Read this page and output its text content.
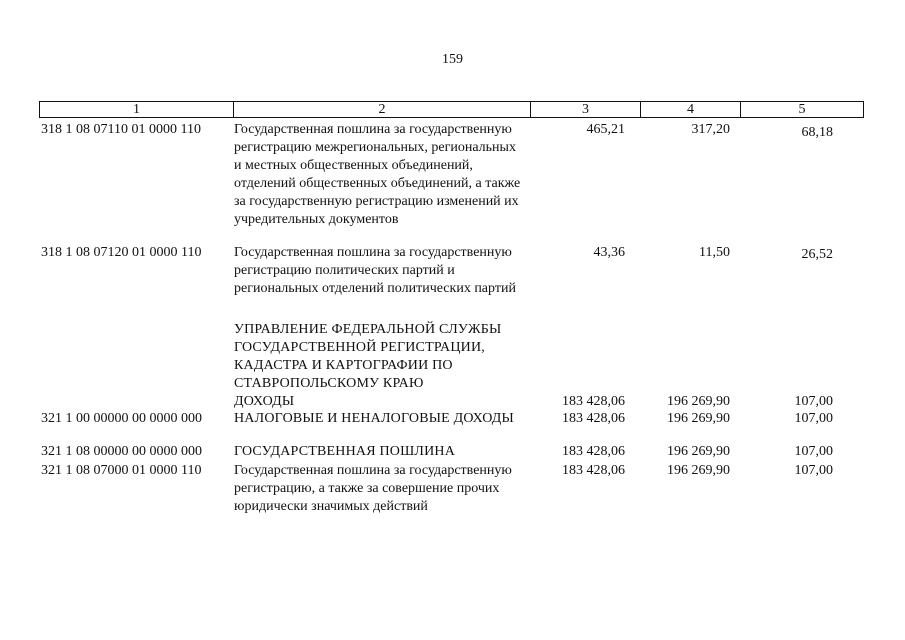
159
1	2	3	4	5
318 1 08 07110 01 0000 110	Государственная пошлина за государственную
регистрацию межрегиональных, региональных
и местных общественных объединений,
отделений общественных объединений, а также
за государственную регистрацию изменений их
учредительных документов
465,21	317,20	68,18
318 1 08 07120 01 0000 110	Государственная пошлина за государственную
регистрацию политических партий и
региональных отделений политических партий
43,36	11,50	26,52
УПРАВЛЕНИЕ ФЕДЕРАЛЬНОЙ СЛУЖБЫ
ГОСУДАРСТВЕННОЙ РЕГИСТРАЦИИ,
КАДАСТРА И КАРТОГРАФИИ ПО
СТАВРОПОЛЬСКОМУ КРАЮ
ДОХОДЫ	183 428,06	196 269,90	107,00
321 1 00 00000 00 0000 000	НАЛОГОВЫЕ И НЕНАЛОГОВЫЕ ДОХОДЫ	183 428,06	196 269,90	107,00
321 1 08 00000 00 0000 000	ГОСУДАРСТВЕННАЯ ПОШЛИНА	183 428,06	196 269,90	107,00
321 1 08 07000 01 0000 110	Государственная пошлина за государственную
регистрацию, а также за совершение прочих
юридически значимых действий
183 428,06	196 269,90	107,00
